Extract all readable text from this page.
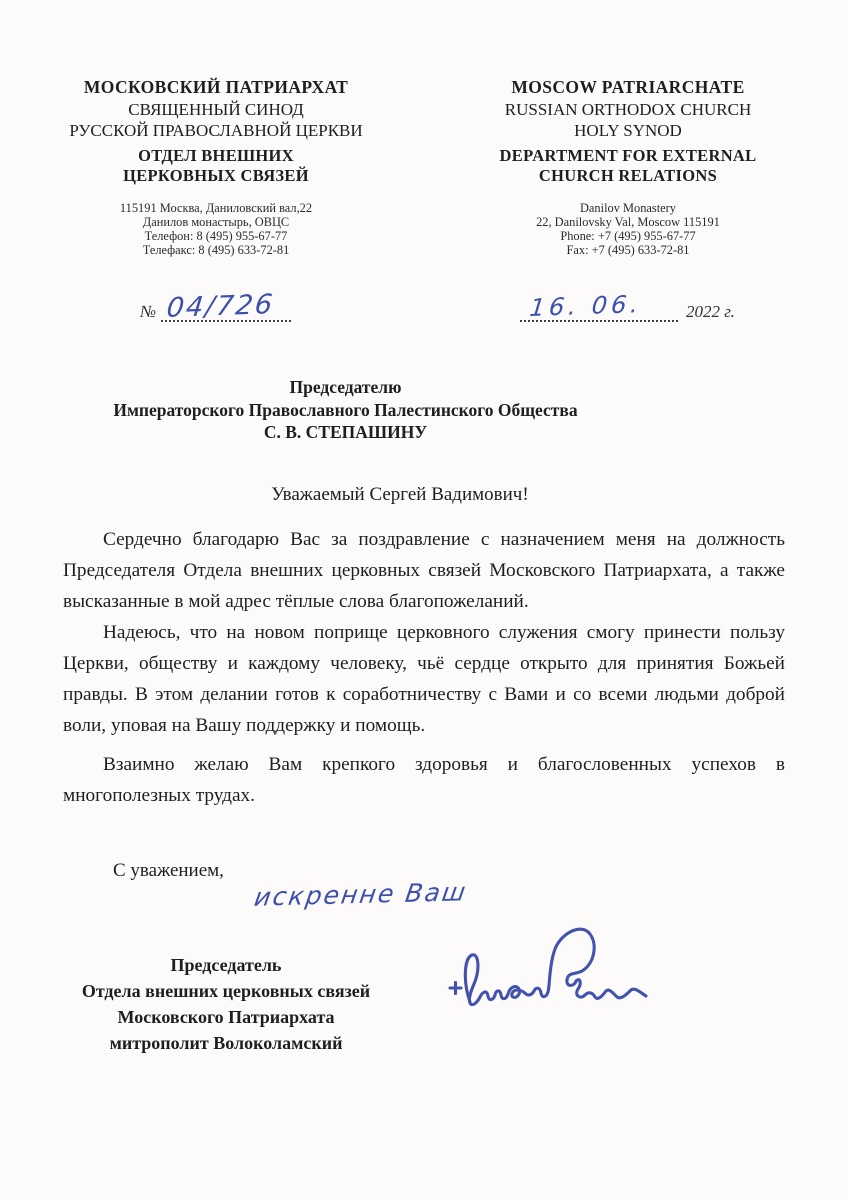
МОСКОВСКИЙ ПАТРИАРХАТ
СВЯЩЕННЫЙ СИНОД
РУССКОЙ ПРАВОСЛАВНОЙ ЦЕРКВИ
ОТДЕЛ ВНЕШНИХ
ЦЕРКОВНЫХ СВЯЗЕЙ
115191 Москва, Даниловский вал,22
Данилов монастырь, ОВЦС
Телефон: 8 (495) 955-67-77
Телефакс: 8 (495) 633-72-81
MOSCOW PATRIARCHATE
RUSSIAN ORTHODOX CHURCH
HOLY SYNOD
DEPARTMENT FOR EXTERNAL
CHURCH RELATIONS
Danilov Monastery
22, Danilovsky Val, Moscow 115191
Phone: +7 (495) 955-67-77
Fax: +7 (495) 633-72-81
№ 04/726	16. 06. 2022 г.
Председателю
Императорского Православного Палестинского Общества
С. В. СТЕПАШИНУ
Уважаемый Сергей Вадимович!

Сердечно благодарю Вас за поздравление с назначением меня на должность Председателя Отдела внешних церковных связей Московского Патриархата, а также высказанные в мой адрес тёплые слова благопожеланий.

Надеюсь, что на новом поприще церковного служения смогу принести пользу Церкви, обществу и каждому человеку, чьё сердце открыто для принятия Божьей правды. В этом делании готов к соработничеству с Вами и со всеми людьми доброй воли, уповая на Вашу поддержку и помощь.

Взаимно желаю Вам крепкого здоровья и благословенных успехов в многополезных трудах.

С уважением,
искренне Ваш
Председатель
Отдела внешних церковных связей
Московского Патриархата
митрополит Волоколамский
